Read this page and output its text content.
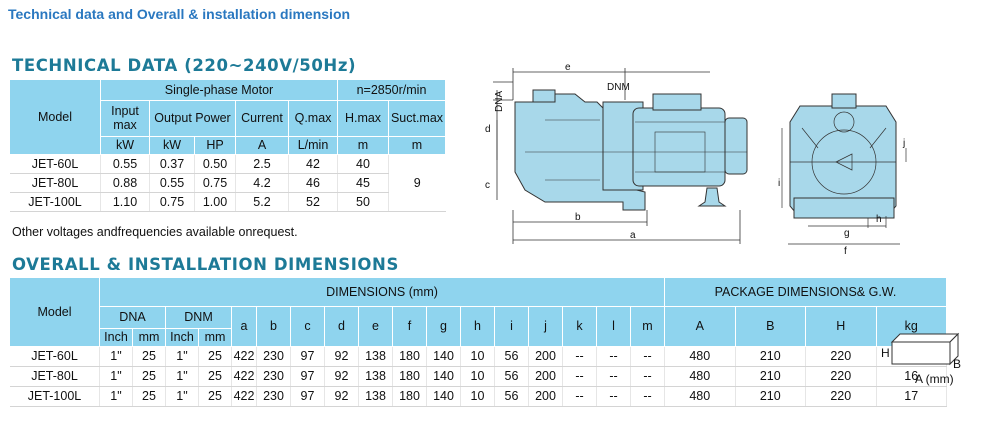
Technical data and Overall & installation dimension
TECHNICAL DATA (220~240V/50Hz)
Model	Single-phase Motor					n=2850r/min	
	Input max	Output Power		Current	Q.max	H.max	Suct.max
	kW	kW	HP	A	L/min	m	m
JET-60L	0.55	0.37	0.50	2.5	42	40	9
JET-80L	0.88	0.55	0.75	4.2	46	45	
JET-100L	1.10	0.75	1.00	5.2	52	50	
Other voltages andfrequencies available onrequest.
e
DNM
DNA
d
c
b
a
i
j
h
g
f
OVERALL & INSTALLATION DIMENSIONS
Model	DIMENSIONS (mm)																	PACKAGE DIMENSIONS& G.W.			
	DNA		DNM		a	b	c	d	e	f	g	h	i	j	k	l	m	A	B	H	kg
	Inch	mm	Inch	mm																	
JET-60L	1"	25	1"	25	422	230	97	92	138	180	140	10	56	200	--	--	--	480	210	220	
JET-80L	1"	25	1"	25	422	230	97	92	138	180	140	10	56	200	--	--	--	480	210	220	16
JET-100L	1"	25	1"	25	422	230	97	92	138	180	140	10	56	200	--	--	--	480	210	220	17
H
B
A (mm)
